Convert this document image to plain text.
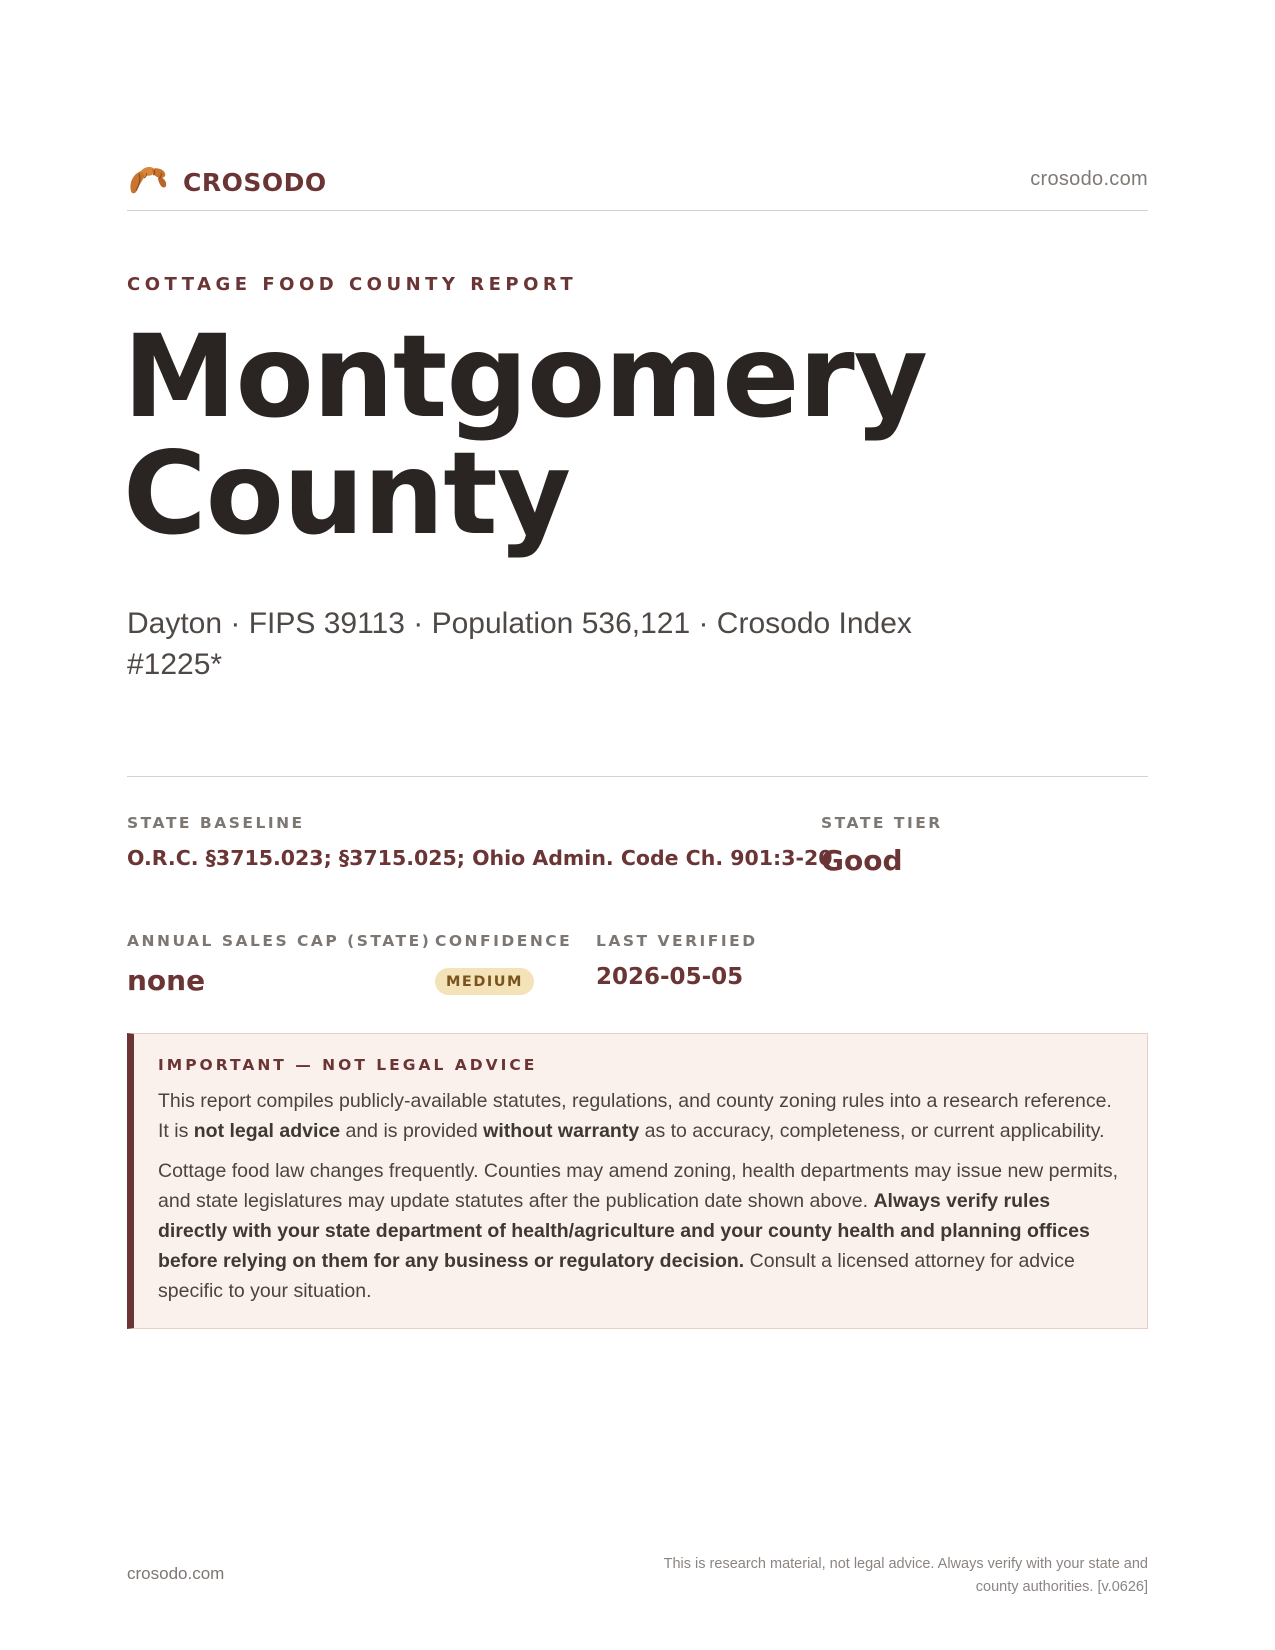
CROSODO	crosodo.com
COTTAGE FOOD COUNTY REPORT
Montgomery
County
Dayton · FIPS 39113 · Population 536,121 · Crosodo Index #1225*
STATE BASELINE
O.R.C. §3715.023; §3715.025; Ohio Admin. Code Ch. 901:3-20
STATE TIER
Good
ANNUAL SALES CAP (STATE)
none
CONFIDENCE
MEDIUM
LAST VERIFIED
2026-05-05
IMPORTANT — NOT LEGAL ADVICE

This report compiles publicly-available statutes, regulations, and county zoning rules into a research reference. It is not legal advice and is provided without warranty as to accuracy, completeness, or current applicability.

Cottage food law changes frequently. Counties may amend zoning, health departments may issue new permits, and state legislatures may update statutes after the publication date shown above. Always verify rules directly with your state department of health/agriculture and your county health and planning offices before relying on them for any business or regulatory decision. Consult a licensed attorney for advice specific to your situation.

crosodo.com	This is research material, not legal advice. Always verify with your state and county authorities. [v.0626]
